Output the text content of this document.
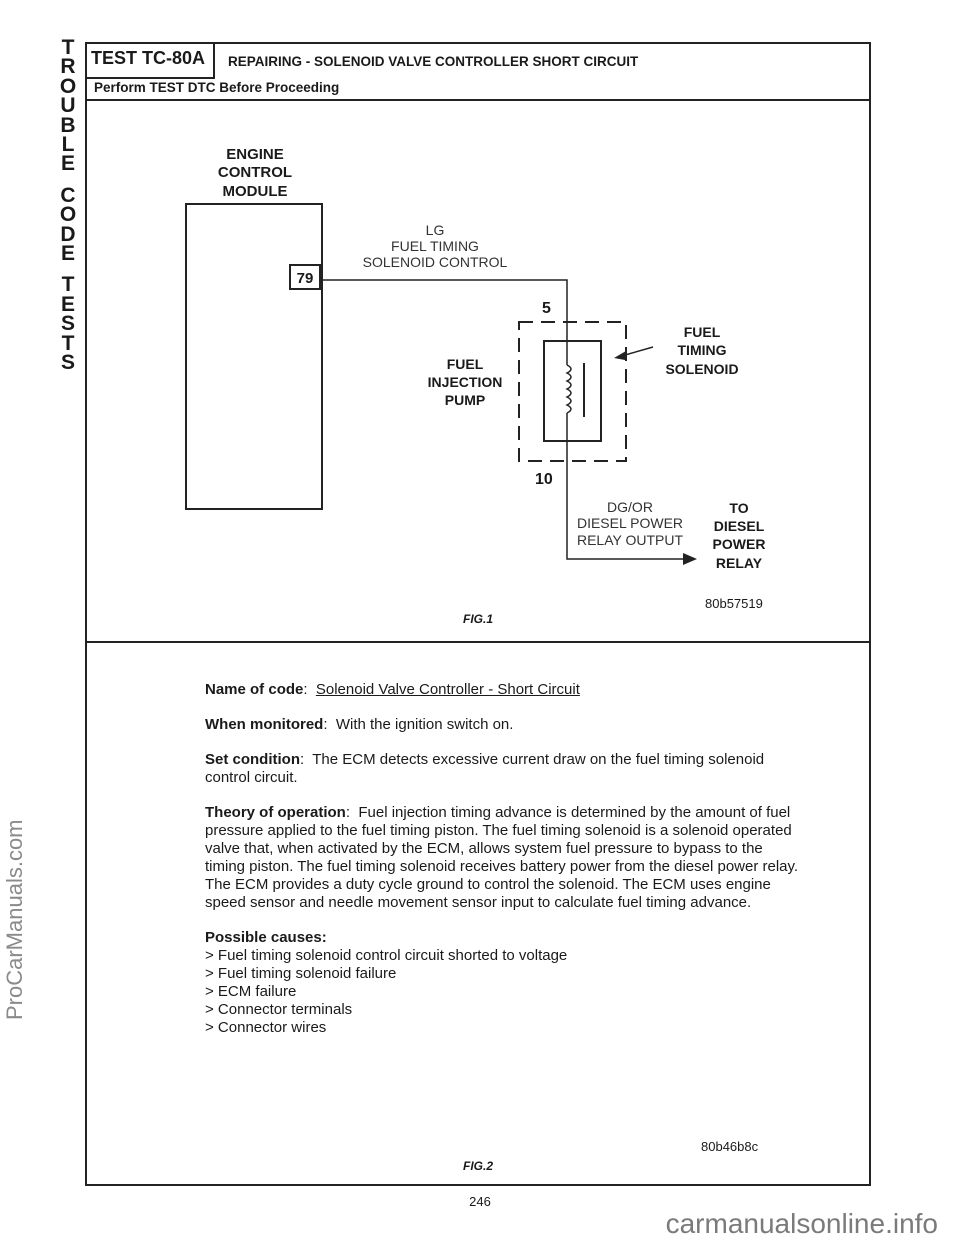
T
R
O
U
B
L
E
C
O
D
E
T
E
S
T
S
ProCarManuals.com
TEST TC-80A	REPAIRING - SOLENOID VALVE CONTROLLER SHORT CIRCUIT
Perform TEST DTC Before Proceeding
ENGINE
CONTROL
MODULE
79
LG
FUEL TIMING
SOLENOID CONTROL
5
FUEL
INJECTION
PUMP
FUEL
TIMING
SOLENOID
10
DG/OR
DIESEL POWER
RELAY OUTPUT
TO
DIESEL
POWER
RELAY
80b57519
FIG.1

Name of code:  Solenoid Valve Controller - Short Circuit

When monitored:  With the ignition switch on.

Set condition:  The ECM detects excessive current draw on the fuel timing solenoid control circuit.

Theory of operation:  Fuel injection timing advance is determined by the amount of fuel pressure applied to the fuel timing piston. The fuel timing solenoid is a solenoid operated valve that, when activated by the ECM, allows system fuel pressure to bypass to the timing piston. The fuel timing solenoid receives battery power from the diesel power relay. The ECM provides a duty cycle ground to control the solenoid. The ECM uses engine speed sensor and needle movement sensor input to calculate fuel timing advance.

Possible causes:
> Fuel timing solenoid control circuit shorted to voltage
> Fuel timing solenoid failure
> ECM failure
> Connector terminals
> Connector wires
80b46b8c
FIG.2
246
carmanualsonline.info
